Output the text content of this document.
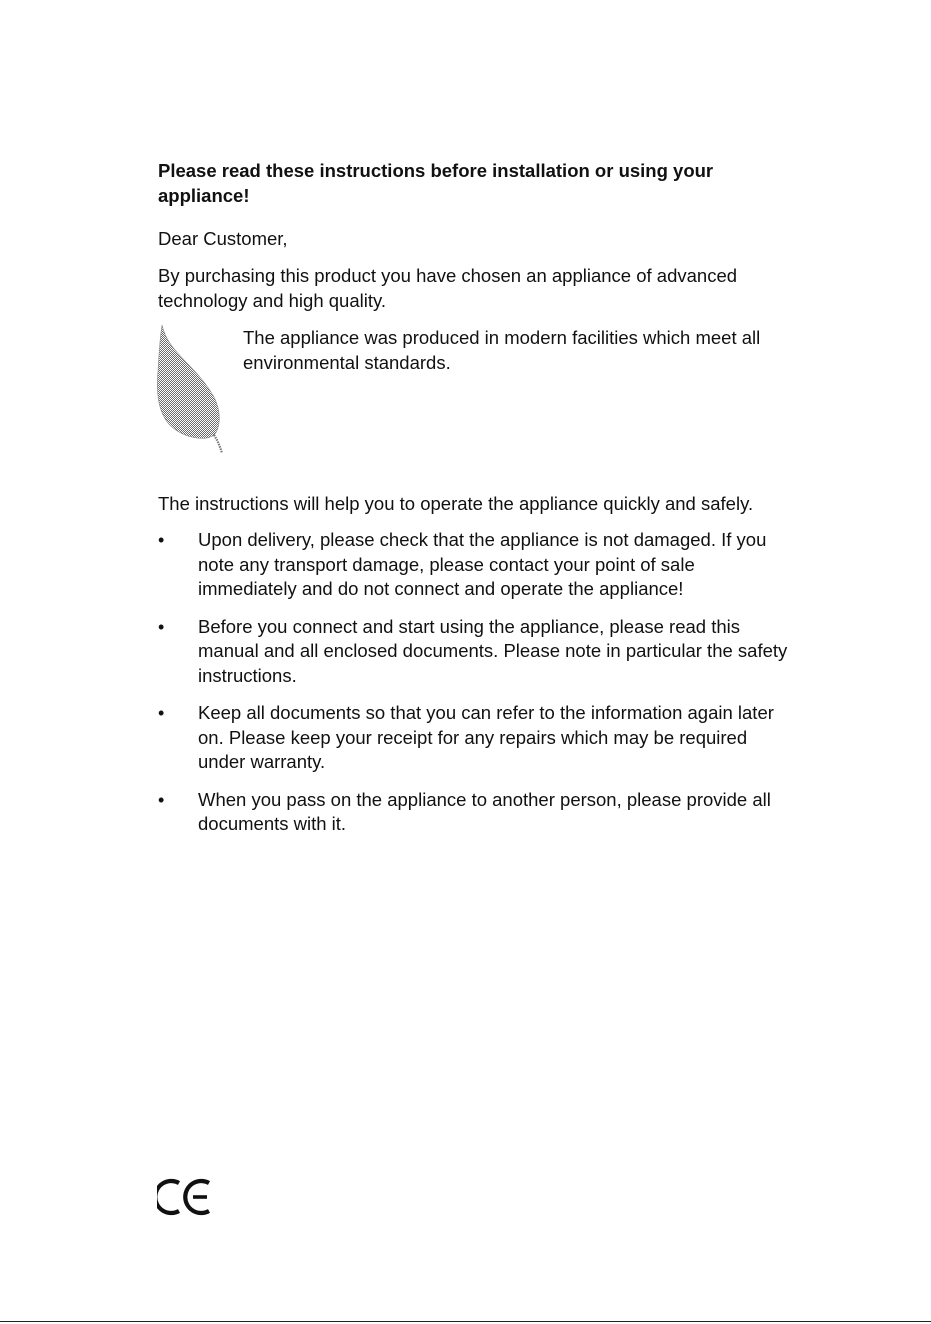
Please read these instructions before installation or using your appliance!
Dear Customer,
By purchasing this product you have chosen an appliance of advanced technology and high quality.
The appliance was produced in modern facilities which meet all environmental standards.
The instructions will help you to operate the appliance quickly and safely.
• Upon delivery, please check that the appliance is not damaged. If you note any transport damage, please contact your point of sale immediately and do not connect and operate the appliance!
• Before you connect and start using the appliance, please read this manual and all enclosed documents. Please note in particular the safety instructions.
• Keep all documents so that you can refer to the information again later on. Please keep your receipt for any repairs which may be required under warranty.
• When you pass on the appliance to another person, please provide all documents with it.
